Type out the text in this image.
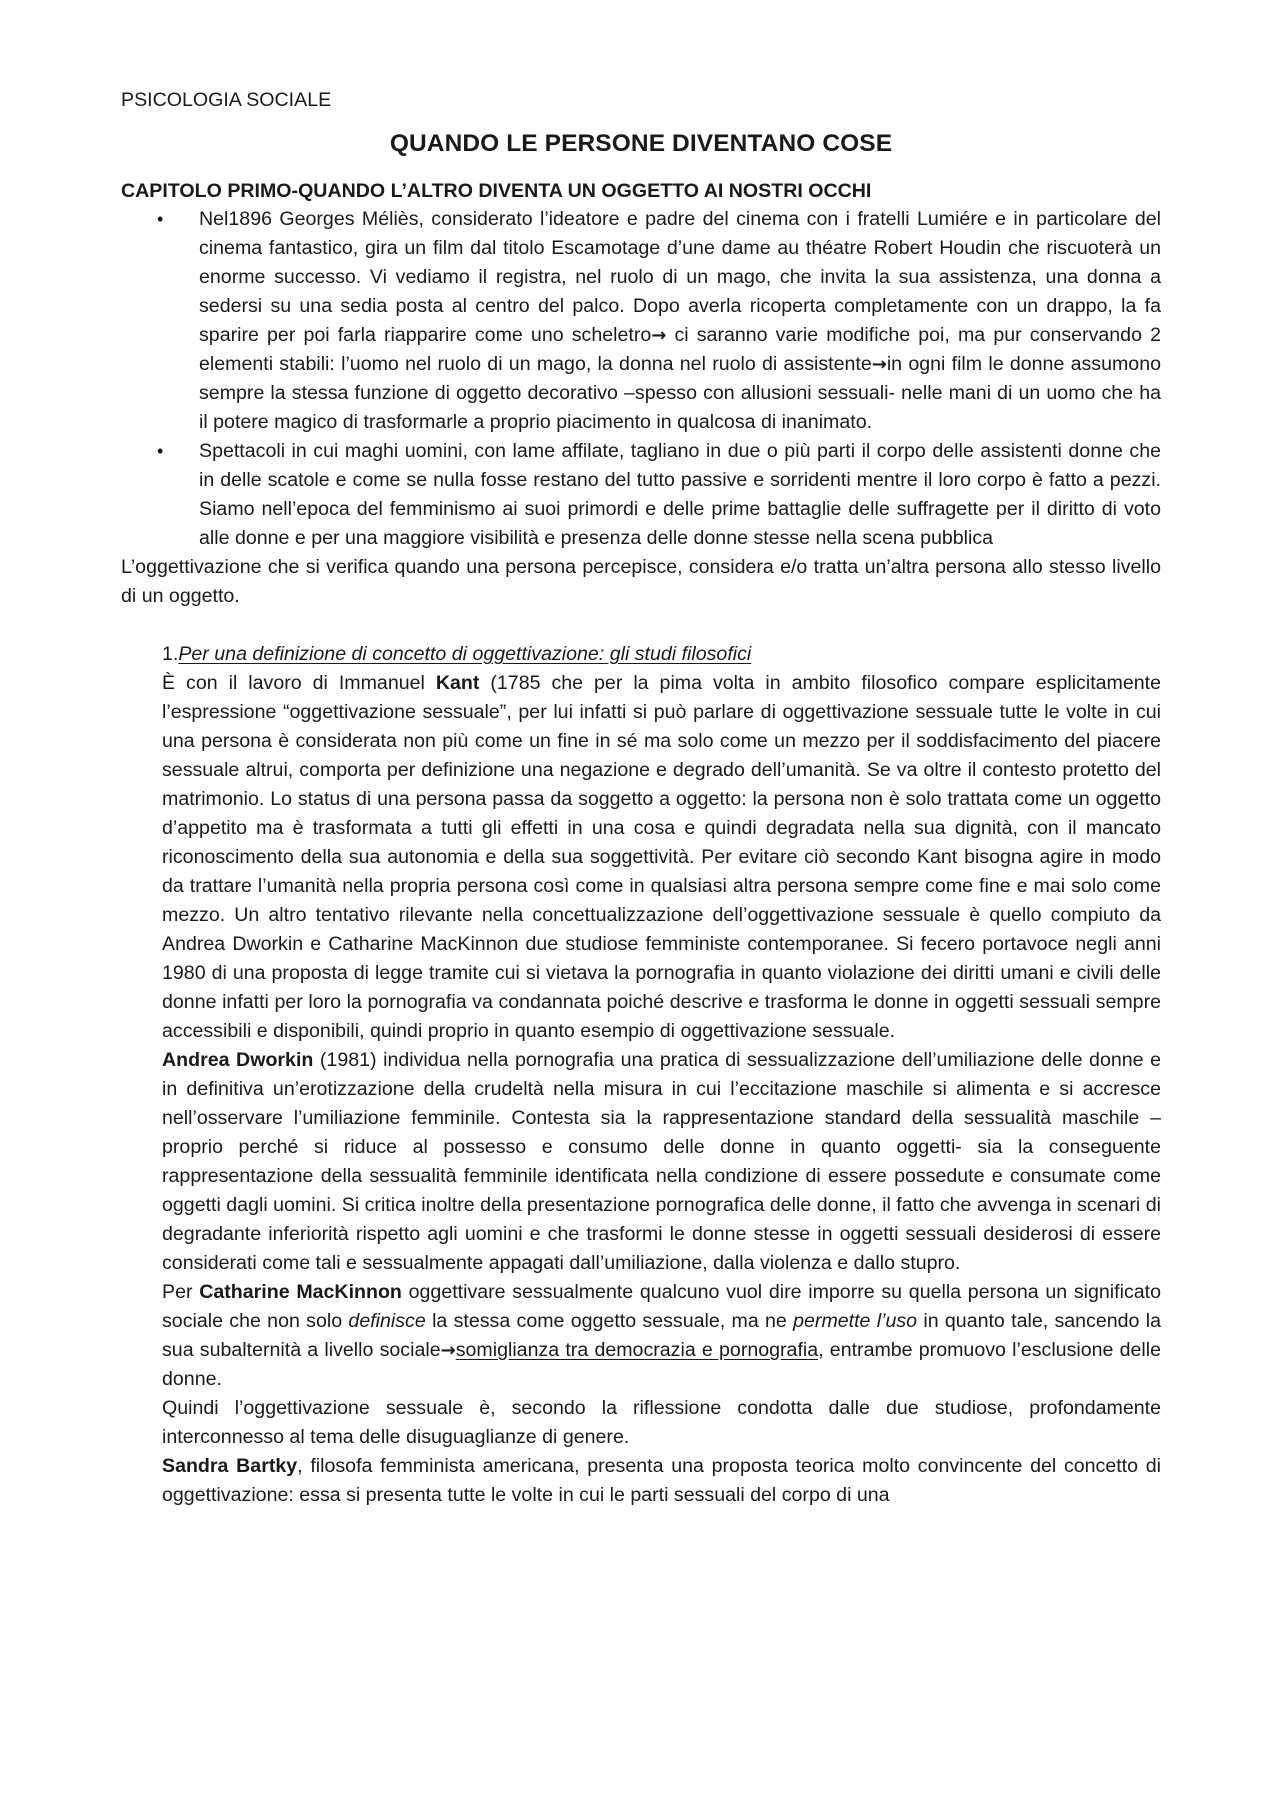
PSICOLOGIA SOCIALE

QUANDO LE PERSONE DIVENTANO COSE

CAPITOLO PRIMO-QUANDO L’ALTRO DIVENTA UN OGGETTO AI NOSTRI OCCHI

• Nel1896 Georges Méliès, considerato l’ideatore e padre del cinema con i fratelli Lumiére e in particolare del cinema fantastico, gira un film dal titolo Escamotage d’une dame au théatre Robert Houdin che riscuoterà un enorme successo. Vi vediamo il registra, nel ruolo di un mago, che invita la sua assistenza, una donna a sedersi su una sedia posta al centro del palco. Dopo averla ricoperta completamente con un drappo, la fa sparire per poi farla riapparire come uno scheletro→ ci saranno varie modifiche poi, ma pur conservando 2 elementi stabili: l’uomo nel ruolo di un mago, la donna nel ruolo di assistente→in ogni film le donne assumono sempre la stessa funzione di oggetto decorativo –spesso con allusioni sessuali- nelle mani di un uomo che ha il potere magico di trasformarle a proprio piacimento in qualcosa di inanimato.
• Spettacoli in cui maghi uomini, con lame affilate, tagliano in due o più parti il corpo delle assistenti donne che in delle scatole e come se nulla fosse restano del tutto passive e sorridenti mentre il loro corpo è fatto a pezzi. Siamo nell’epoca del femminismo ai suoi primordi e delle prime battaglie delle suffragette per il diritto di voto alle donne e per una maggiore visibilità e presenza delle donne stesse nella scena pubblica

L’oggettivazione che si verifica quando una persona percepisce, considera e/o tratta un’altra persona allo stesso livello di un oggetto.

1.Per una definizione di concetto di oggettivazione: gli studi filosofici

È con il lavoro di Immanuel Kant (1785 che per la pima volta in ambito filosofico compare esplicitamente l’espressione “oggettivazione sessuale”, per lui infatti si può parlare di oggettivazione sessuale tutte le volte in cui una persona è considerata non più come un fine in sé ma solo come un mezzo per il soddisfacimento del piacere sessuale altrui, comporta per definizione una negazione e degrado dell’umanità. Se va oltre il contesto protetto del matrimonio. Lo status di una persona passa da soggetto a oggetto: la persona non è solo trattata come un oggetto d’appetito ma è trasformata a tutti gli effetti in una cosa e quindi degradata nella sua dignità, con il mancato riconoscimento della sua autonomia e della sua soggettività. Per evitare ciò secondo Kant bisogna agire in modo da trattare l’umanità nella propria persona così come in qualsiasi altra persona sempre come fine e mai solo come mezzo. Un altro tentativo rilevante nella concettualizzazione dell’oggettivazione sessuale è quello compiuto da Andrea Dworkin e Catharine MacKinnon due studiose femministe contemporanee. Si fecero portavoce negli anni 1980 di una proposta di legge tramite cui si vietava la pornografia in quanto violazione dei diritti umani e civili delle donne infatti per loro la pornografia va condannata poiché descrive e trasforma le donne in oggetti sessuali sempre accessibili e disponibili, quindi proprio in quanto esempio di oggettivazione sessuale.

Andrea Dworkin (1981) individua nella pornografia una pratica di sessualizzazione dell’umiliazione delle donne e in definitiva un’erotizzazione della crudeltà nella misura in cui l’eccitazione maschile si alimenta e si accresce nell’osservare l’umiliazione femminile. Contesta sia la rappresentazione standard della sessualità maschile – proprio perché si riduce al possesso e consumo delle donne in quanto oggetti- sia la conseguente rappresentazione della sessualità femminile identificata nella condizione di essere possedute e consumate come oggetti dagli uomini. Si critica inoltre della presentazione pornografica delle donne, il fatto che avvenga in scenari di degradante inferiorità rispetto agli uomini e che trasformi le donne stesse in oggetti sessuali desiderosi di essere considerati come tali e sessualmente appagati dall’umiliazione, dalla violenza e dallo stupro.

Per Catharine MacKinnon oggettivare sessualmente qualcuno vuol dire imporre su quella persona un significato sociale che non solo definisce la stessa come oggetto sessuale, ma ne permette l’uso in quanto tale, sancendo la sua subalternità a livello sociale→somiglianza tra democrazia e pornografia, entrambe promuovo l’esclusione delle donne.

Quindi l’oggettivazione sessuale è, secondo la riflessione condotta dalle due studiose, profondamente interconnesso al tema delle disuguaglianze di genere.

Sandra Bartky, filosofa femminista americana, presenta una proposta teorica molto convincente del concetto di oggettivazione: essa si presenta tutte le volte in cui le parti sessuali del corpo di una
